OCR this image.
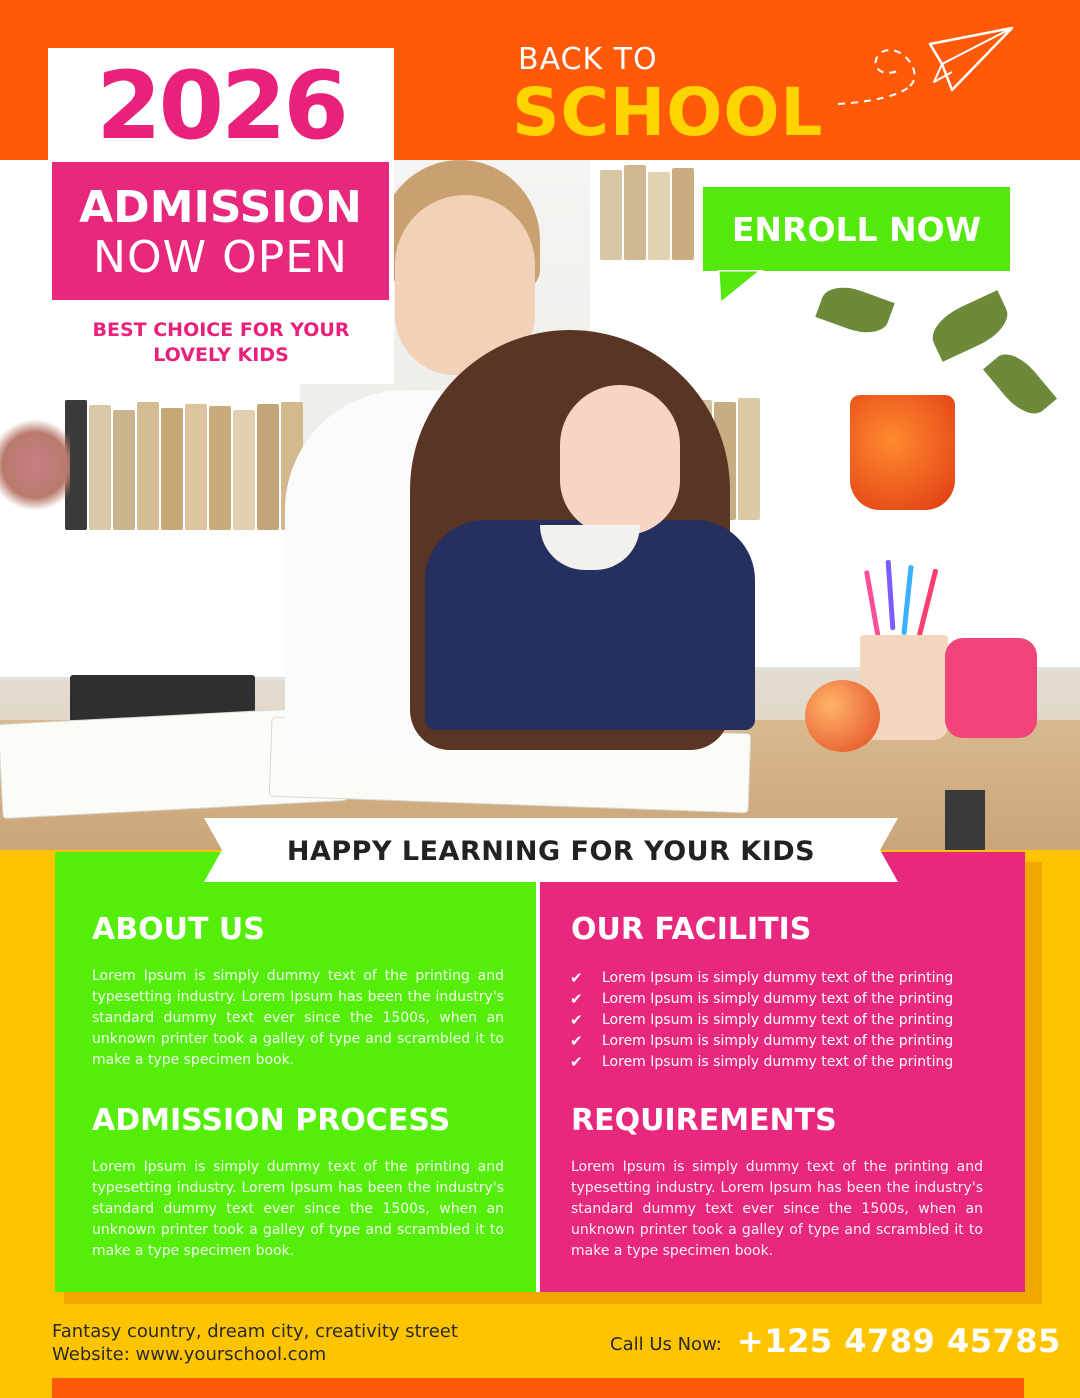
2026
ADMISSION
NOW OPEN
BEST CHOICE FOR YOUR
LOVELY KIDS
BACK TO
SCHOOL
ENROLL NOW
HAPPY LEARNING FOR YOUR KIDS
ABOUT US
Lorem Ipsum is simply dummy text of the printing and typesetting industry. Lorem Ipsum has been the industry's standard dummy text ever since the 1500s, when an unknown printer took a galley of type and scrambled it to make a type specimen book.
OUR FACILITIS
✔	Lorem Ipsum is simply dummy text of the printing
✔	Lorem Ipsum is simply dummy text of the printing
✔	Lorem Ipsum is simply dummy text of the printing
✔	Lorem Ipsum is simply dummy text of the printing
✔	Lorem Ipsum is simply dummy text of the printing
ADMISSION PROCESS
Lorem Ipsum is simply dummy text of the printing and typesetting industry. Lorem Ipsum has been the industry's standard dummy text ever since the 1500s, when an unknown printer took a galley of type and scrambled it to make a type specimen book.
REQUIREMENTS
Lorem Ipsum is simply dummy text of the printing and typesetting industry. Lorem Ipsum has been the industry's standard dummy text ever since the 1500s, when an unknown printer took a galley of type and scrambled it to make a type specimen book.
Fantasy country, dream city, creativity street
Website: www.yourschool.com	Call Us Now: +125 4789 45785
